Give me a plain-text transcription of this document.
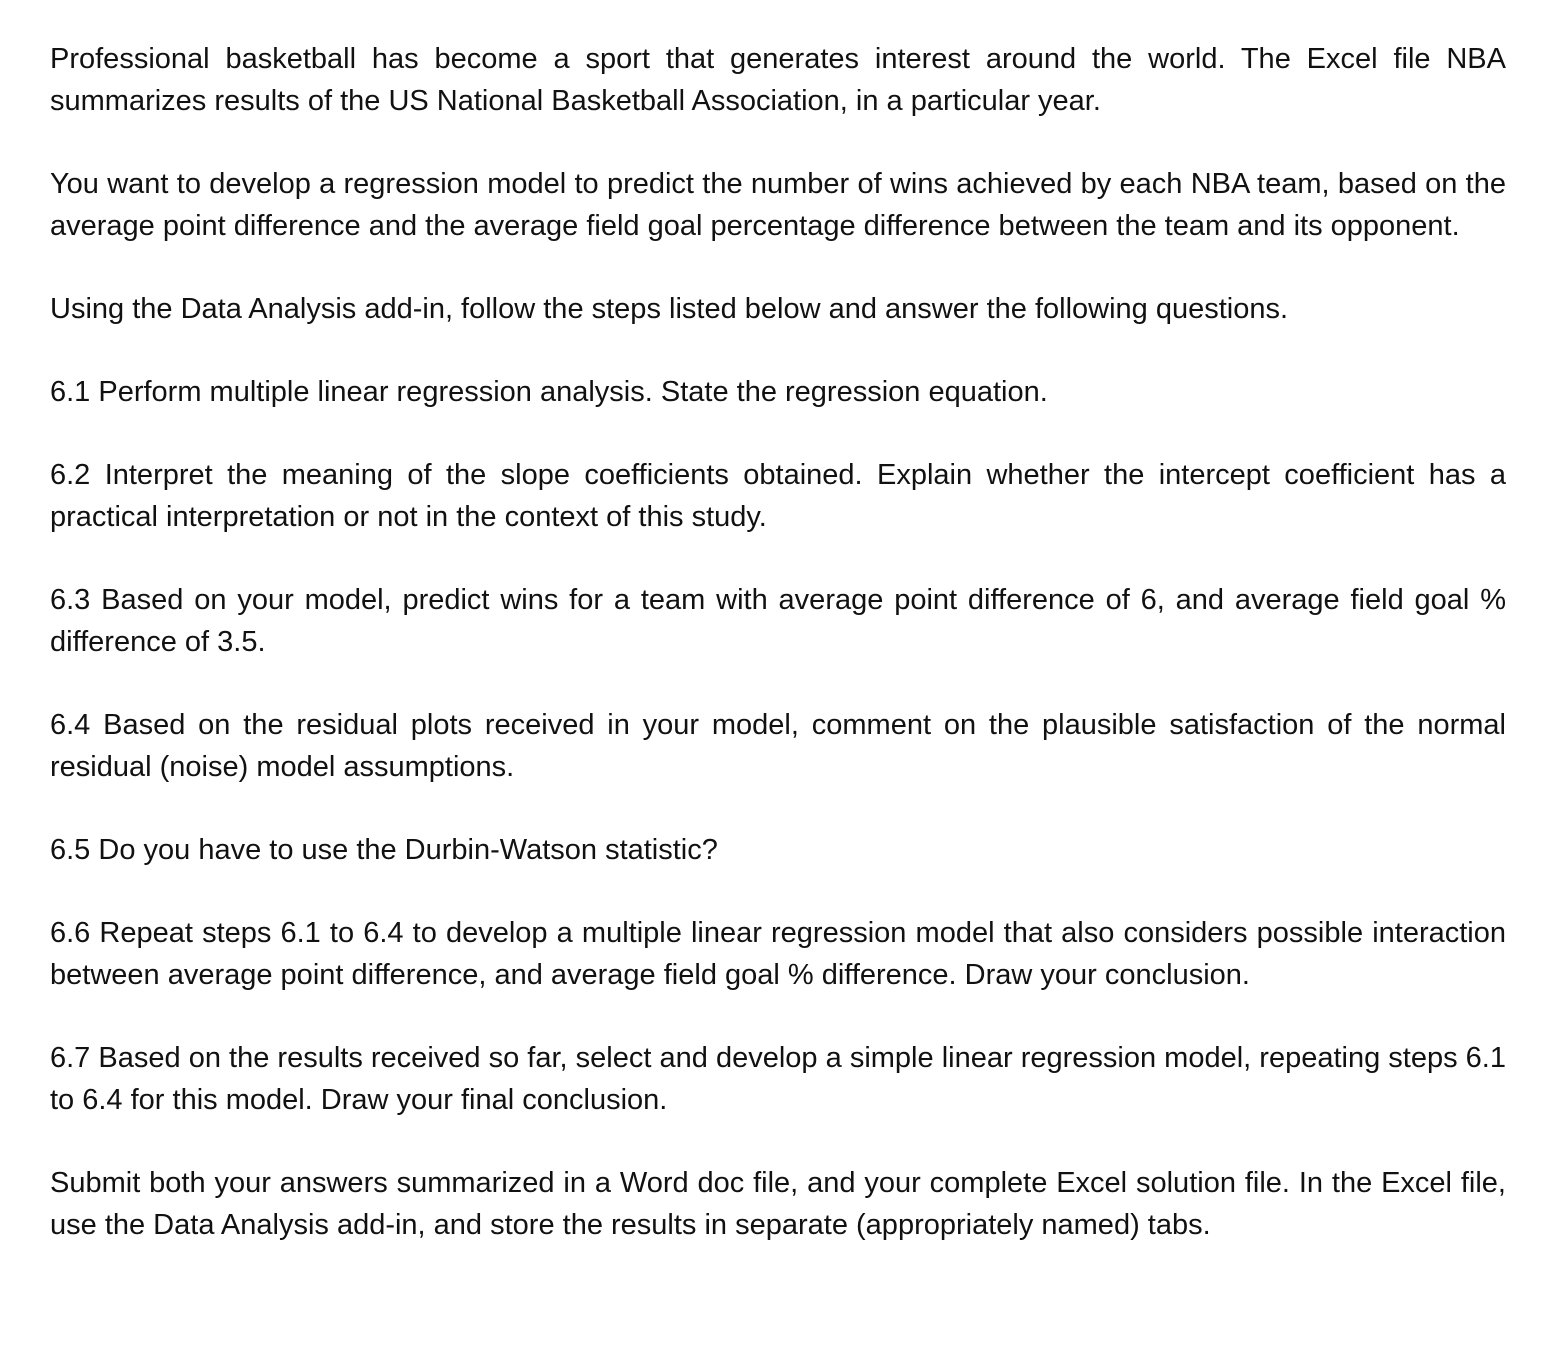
Professional basketball has become a sport that generates interest around the world. The Excel file NBA summarizes results of the US National Basketball Association, in a particular year.

You want to develop a regression model to predict the number of wins achieved by each NBA team, based on the average point difference and the average field goal percentage difference between the team and its opponent.

Using the Data Analysis add-in, follow the steps listed below and answer the following questions.

6.1 Perform multiple linear regression analysis. State the regression equation.

6.2 Interpret the meaning of the slope coefficients obtained. Explain whether the intercept coefficient has a practical interpretation or not in the context of this study.

6.3 Based on your model, predict wins for a team with average point difference of 6, and average field goal % difference of 3.5.

6.4 Based on the residual plots received in your model, comment on the plausible satisfaction of the normal residual (noise) model assumptions.

6.5 Do you have to use the Durbin-Watson statistic?

6.6 Repeat steps 6.1 to 6.4 to develop a multiple linear regression model that also considers possible interaction between average point difference, and average field goal % difference. Draw your conclusion.

6.7 Based on the results received so far, select and develop a simple linear regression model, repeating steps 6.1 to 6.4 for this model. Draw your final conclusion.

Submit both your answers summarized in a Word doc file, and your complete Excel solution file. In the Excel file, use the Data Analysis add-in, and store the results in separate (appropriately named) tabs.
